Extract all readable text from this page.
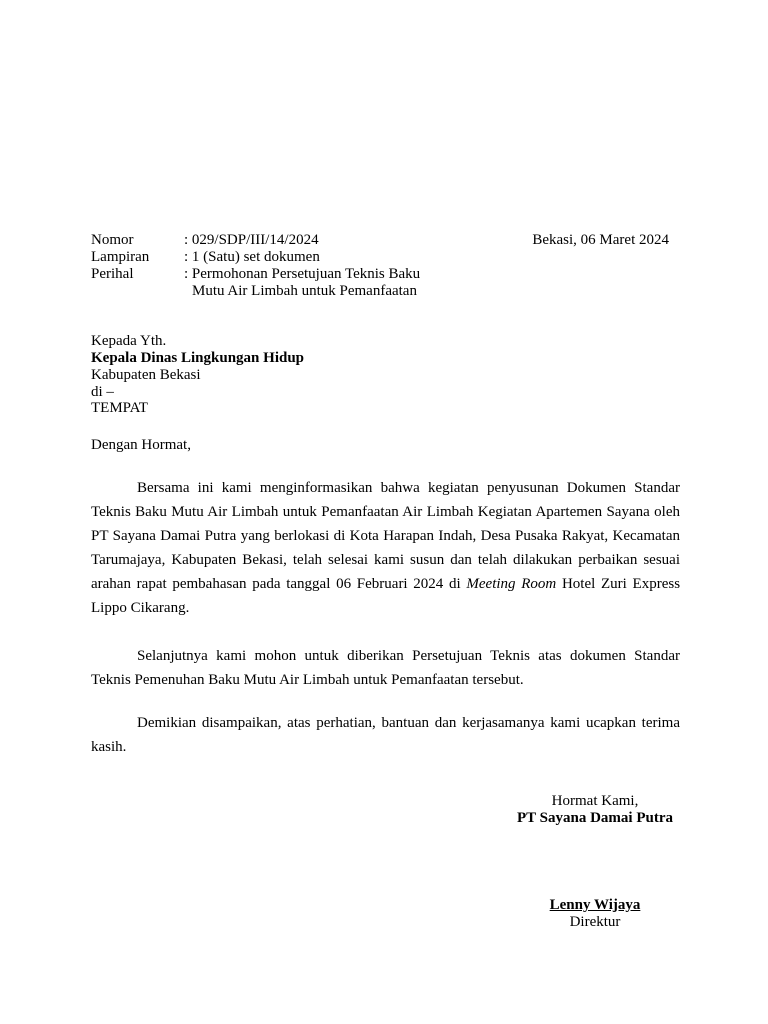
Nomor	: 029/SDP/III/14/2024	Bekasi, 06 Maret 2024
Lampiran : 1 (Satu) set dokumen
Perihal	: Permohonan Persetujuan Teknis Baku
Mutu Air Limbah untuk Pemanfaatan
Kepada Yth.
Kepala Dinas Lingkungan Hidup
Kabupaten Bekasi
di –
TEMPAT
Dengan Hormat,
Bersama ini kami menginformasikan bahwa kegiatan penyusunan Dokumen Standar Teknis Baku Mutu Air Limbah untuk Pemanfaatan Air Limbah Kegiatan Apartemen Sayana oleh PT Sayana Damai Putra yang berlokasi di Kota Harapan Indah, Desa Pusaka Rakyat, Kecamatan Tarumajaya, Kabupaten Bekasi, telah selesai kami susun dan telah dilakukan perbaikan sesuai arahan rapat pembahasan pada tanggal 06 Februari 2024 di Meeting Room Hotel Zuri Express Lippo Cikarang.
Selanjutnya kami mohon untuk diberikan Persetujuan Teknis atas dokumen Standar Teknis Pemenuhan Baku Mutu Air Limbah untuk Pemanfaatan tersebut.
Demikian disampaikan, atas perhatian, bantuan dan kerjasamanya kami ucapkan terima kasih.
Hormat Kami,
PT Sayana Damai Putra
Lenny Wijaya
Direktur
